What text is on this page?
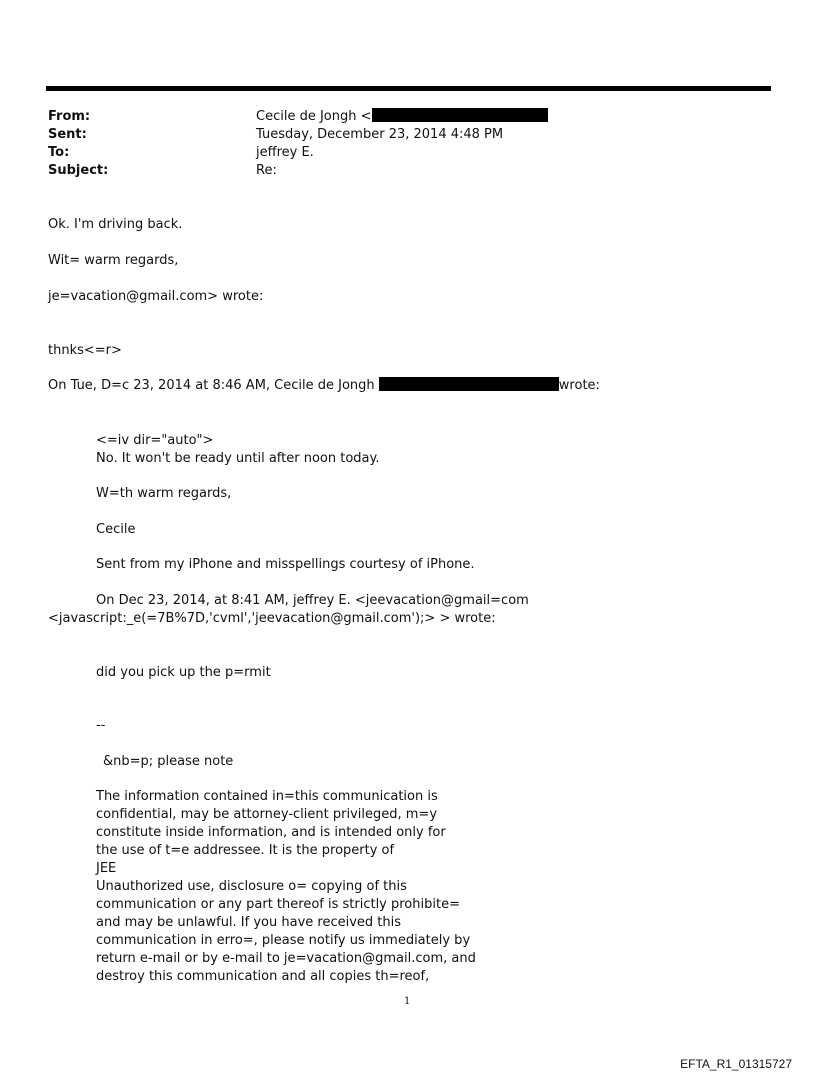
From:	Cecile de Jongh <
Sent:	Tuesday, December 23, 2014 4:48 PM
To:	jeffrey E.
Subject:	Re:
Ok. I'm driving back.
Wit= warm regards,
je=vacation@gmail.com> wrote:
thnks<=r>
On Tue, D=c 23, 2014 at 8:46 AM, Cecile de Jongh	wrote:
<=iv dir="auto">
No. It won't be ready until after noon today.
W=th warm regards,
Cecile
Sent from my iPhone and misspellings courtesy of iPhone.
On Dec 23, 2014, at 8:41 AM, jeffrey E. <jeevacation@gmail=com
<javascript:_e(=7B%7D,'cvml','jeevacation@gmail.com');> > wrote:
did you pick up the p=rmit
--
&nb=p; please note
The information contained in=this communication is
confidential, may be attorney-client privileged, m=y
constitute inside information, and is intended only for
the use of t=e addressee. It is the property of
JEE
Unauthorized use, disclosure o= copying of this
communication or any part thereof is strictly prohibite=
and may be unlawful. If you have received this
communication in erro=, please notify us immediately by
return e-mail or by e-mail to je=vacation@gmail.com, and
destroy this communication and all copies th=reof,
1
EFTA_R1_01315727
